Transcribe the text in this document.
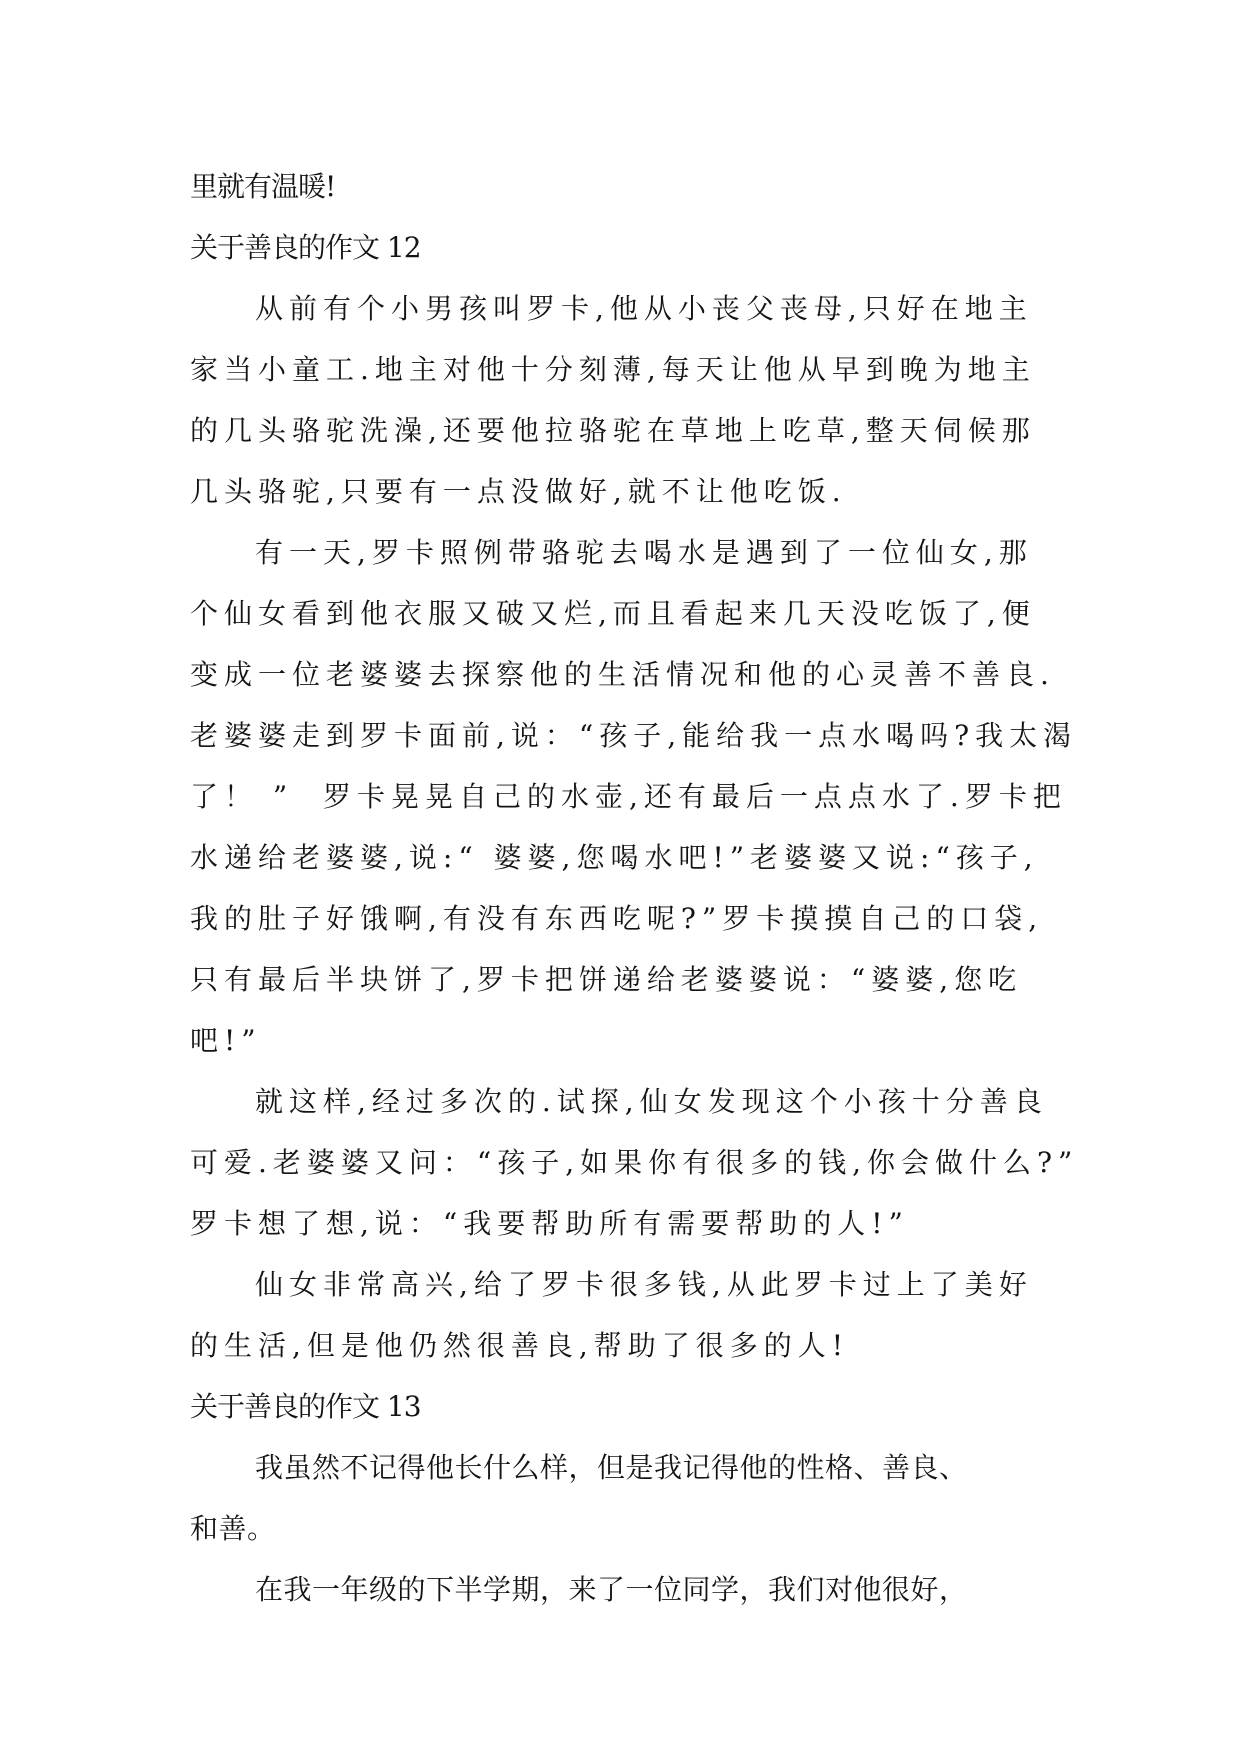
里就有温暖!
关于善良的作文 12
从前有个小男孩叫罗卡,他从小丧父丧母,只好在地主
家当小童工.地主对他十分刻薄,每天让他从早到晚为地主
的几头骆驼洗澡,还要他拉骆驼在草地上吃草,整天伺候那
几头骆驼,只要有一点没做好,就不让他吃饭.
有一天,罗卡照例带骆驼去喝水是遇到了一位仙女,那
个仙女看到他衣服又破又烂,而且看起来几天没吃饭了,便
变成一位老婆婆去探察他的生活情况和他的心灵善不善良.
老婆婆走到罗卡面前,说：“孩子,能给我一点水喝吗?我太渴
了！ ”  罗卡晃晃自己的水壶,还有最后一点点水了.罗卡把
水递给老婆婆,说:“ 婆婆,您喝水吧!”老婆婆又说:“孩子,
我的肚子好饿啊,有没有东西吃呢?”罗卡摸摸自己的口袋,
只有最后半块饼了,罗卡把饼递给老婆婆说：“婆婆,您吃
吧!”
就这样,经过多次的.试探,仙女发现这个小孩十分善良
可爱.老婆婆又问：“孩子,如果你有很多的钱,你会做什么?”
罗卡想了想,说：“我要帮助所有需要帮助的人!”
仙女非常高兴,给了罗卡很多钱,从此罗卡过上了美好
的生活,但是他仍然很善良,帮助了很多的人!
关于善良的作文 13
我虽然不记得他长什么样，但是我记得他的性格、善良、
和善。
在我一年级的下半学期，来了一位同学，我们对他很好，
